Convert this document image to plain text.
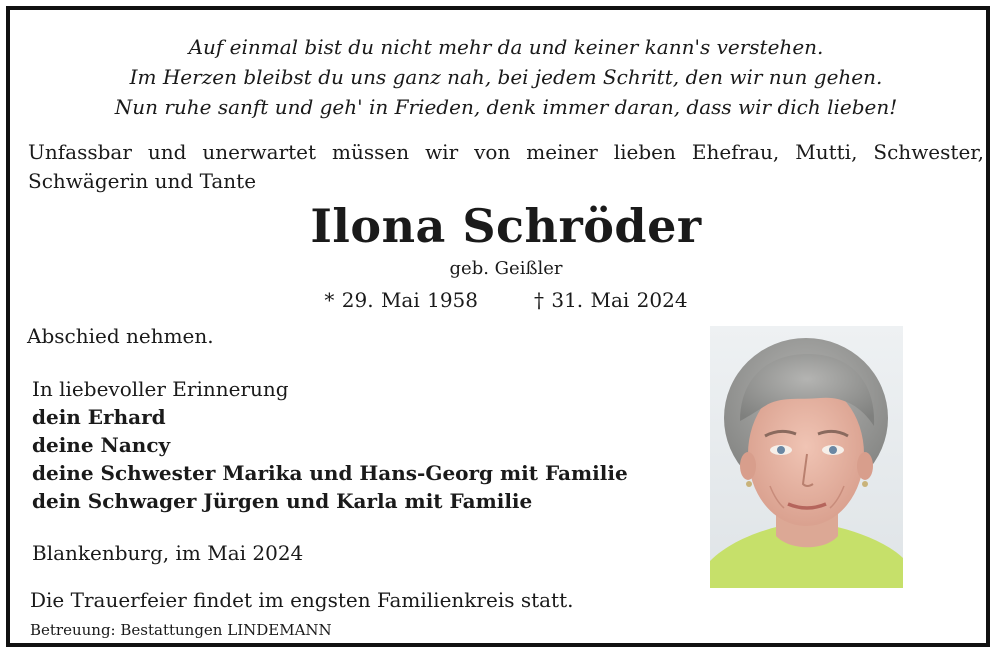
Auf einmal bist du nicht mehr da und keiner kann's verstehen.
Im Herzen bleibst du uns ganz nah, bei jedem Schritt, den wir nun gehen.
Nun ruhe sanft und geh' in Frieden, denk immer daran, dass wir dich lieben!
Unfassbar und unerwartet müssen wir von meiner lieben Ehefrau, Mutti, Schwester,
Schwägerin und Tante
Ilona Schröder
geb. Geißler
* 29. Mai 1958	† 31. Mai 2024
Abschied nehmen.
In liebevoller Erinnerung
dein Erhard
deine Nancy
deine Schwester Marika und Hans-Georg mit Familie
dein Schwager Jürgen und Karla mit Familie
Blankenburg, im Mai 2024
Die Trauerfeier findet im engsten Familienkreis statt.
Betreuung: Bestattungen LINDEMANN
